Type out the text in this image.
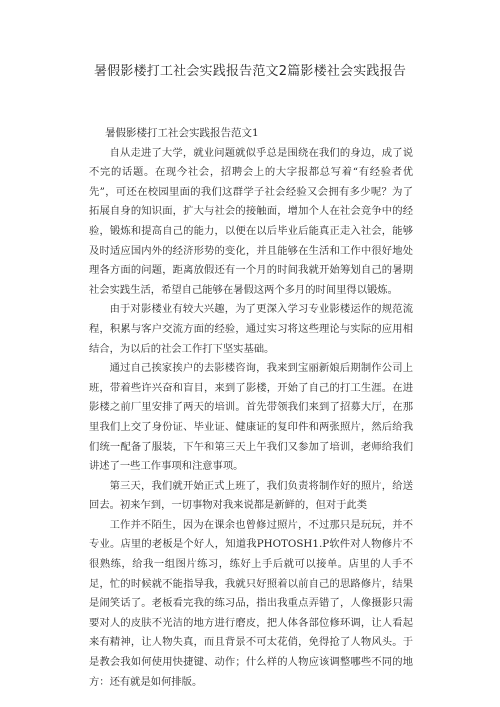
暑假影楼打工社会实践报告范文2篇影楼社会实践报告

暑假影楼打工社会实践报告范文1

自从走进了大学，就业问题就似乎总是围绕在我们的身边，成了说不完的话题。在现今社会，招聘会上的大字报都总写着“有经验者优先”，可还在校园里面的我们这群学子社会经验又会拥有多少呢？为了拓展自身的知识面，扩大与社会的接触面，增加个人在社会竞争中的经验，锻炼和提高自己的能力，以便在以后毕业后能真正走入社会，能够及时适应国内外的经济形势的变化，并且能够在生活和工作中很好地处理各方面的问题，距离放假还有一个月的时间我就开始筹划自己的暑期社会实践生活，希望自己能够在暑假这两个多月的时间里得以锻炼。

由于对影楼业有较大兴趣，为了更深入学习专业影楼运作的规范流程，积累与客户交流方面的经验，通过实习将这些理论与实际的应用相结合，为以后的社会工作打下坚实基础。

通过自己挨家挨户的去影楼咨询，我来到宝丽新娘后期制作公司上班，带着些许兴奋和盲目，来到了影楼，开始了自己的打工生涯。在进影楼之前厂里安排了两天的培训。首先带领我们来到了招募大厅，在那里我们上交了身份证、毕业证、健康证的复印件和两张照片，然后给我们统一配备了服装，下午和第三天上午我们又参加了培训，老师给我们讲述了一些工作事项和注意事项。

第三天，我们就开始正式上班了，我们负责将制作好的照片，给送回去。初来乍到，一切事物对我来说都是新鲜的，但对于此类

工作并不陌生，因为在课余也曾修过照片，不过那只是玩玩，并不专业。店里的老板是个好人，知道我PHOTOSH1.P软件对人物修片不很熟练，给我一组图片练习，练好上手后就可以接单。店里的人手不足，忙的时候就不能指导我，我就只好照着以前自己的思路修片，结果是闹笑话了。老板看完我的练习品，指出我重点弄错了，人像摄影只需要对人的皮肤不光洁的地方进行磨皮，把人体各部位修环调，让人看起来有精神，让人物失真，而且背景不可太花俏，免得抢了人物风头。于是教会我如何使用快捷键、动作；什么样的人物应该调整哪些不同的地方：还有就是如何排版。
